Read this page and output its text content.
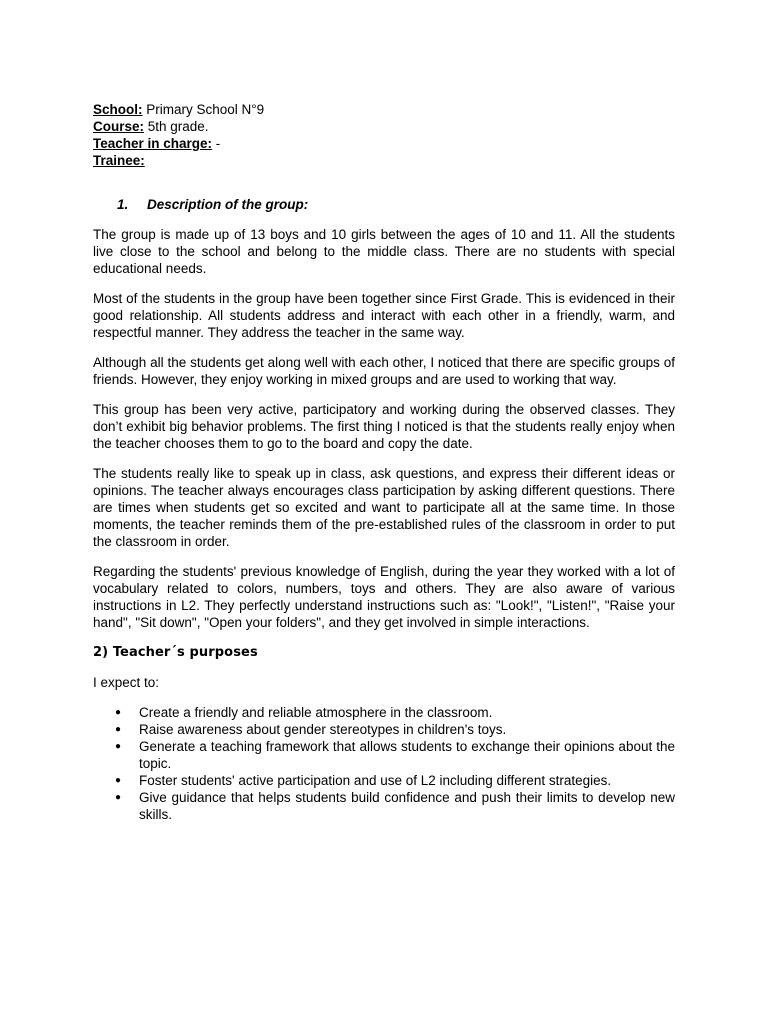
School: Primary School N°9
Course: 5th grade.
Teacher in charge: -
Trainee:
1. Description of the group:

The group is made up of 13 boys and 10 girls between the ages of 10 and 11. All the students live close to the school and belong to the middle class. There are no students with special educational needs.

Most of the students in the group have been together since First Grade. This is evidenced in their good relationship. All students address and interact with each other in a friendly, warm, and respectful manner. They address the teacher in the same way.

Although all the students get along well with each other, I noticed that there are specific groups of friends. However, they enjoy working in mixed groups and are used to working that way.

This group has been very active, participatory and working during the observed classes. They don’t exhibit big behavior problems. The first thing I noticed is that the students really enjoy when the teacher chooses them to go to the board and copy the date.

The students really like to speak up in class, ask questions, and express their different ideas or opinions. The teacher always encourages class participation by asking different questions. There are times when students get so excited and want to participate all at the same time. In those moments, the teacher reminds them of the pre-established rules of the classroom in order to put the classroom in order.

Regarding the students' previous knowledge of English, during the year they worked with a lot of vocabulary related to colors, numbers, toys and others. They are also aware of various instructions in L2. They perfectly understand instructions such as: "Look!", "Listen!", "Raise your hand", "Sit down", "Open your folders", and they get involved in simple interactions.

2) Teacher´s purposes
I expect to:
● Create a friendly and reliable atmosphere in the classroom.
● Raise awareness about gender stereotypes in children's toys.
● Generate a teaching framework that allows students to exchange their opinions about the topic.
● Foster students' active participation and use of L2 including different strategies.
● Give guidance that helps students build confidence and push their limits to develop new skills.
